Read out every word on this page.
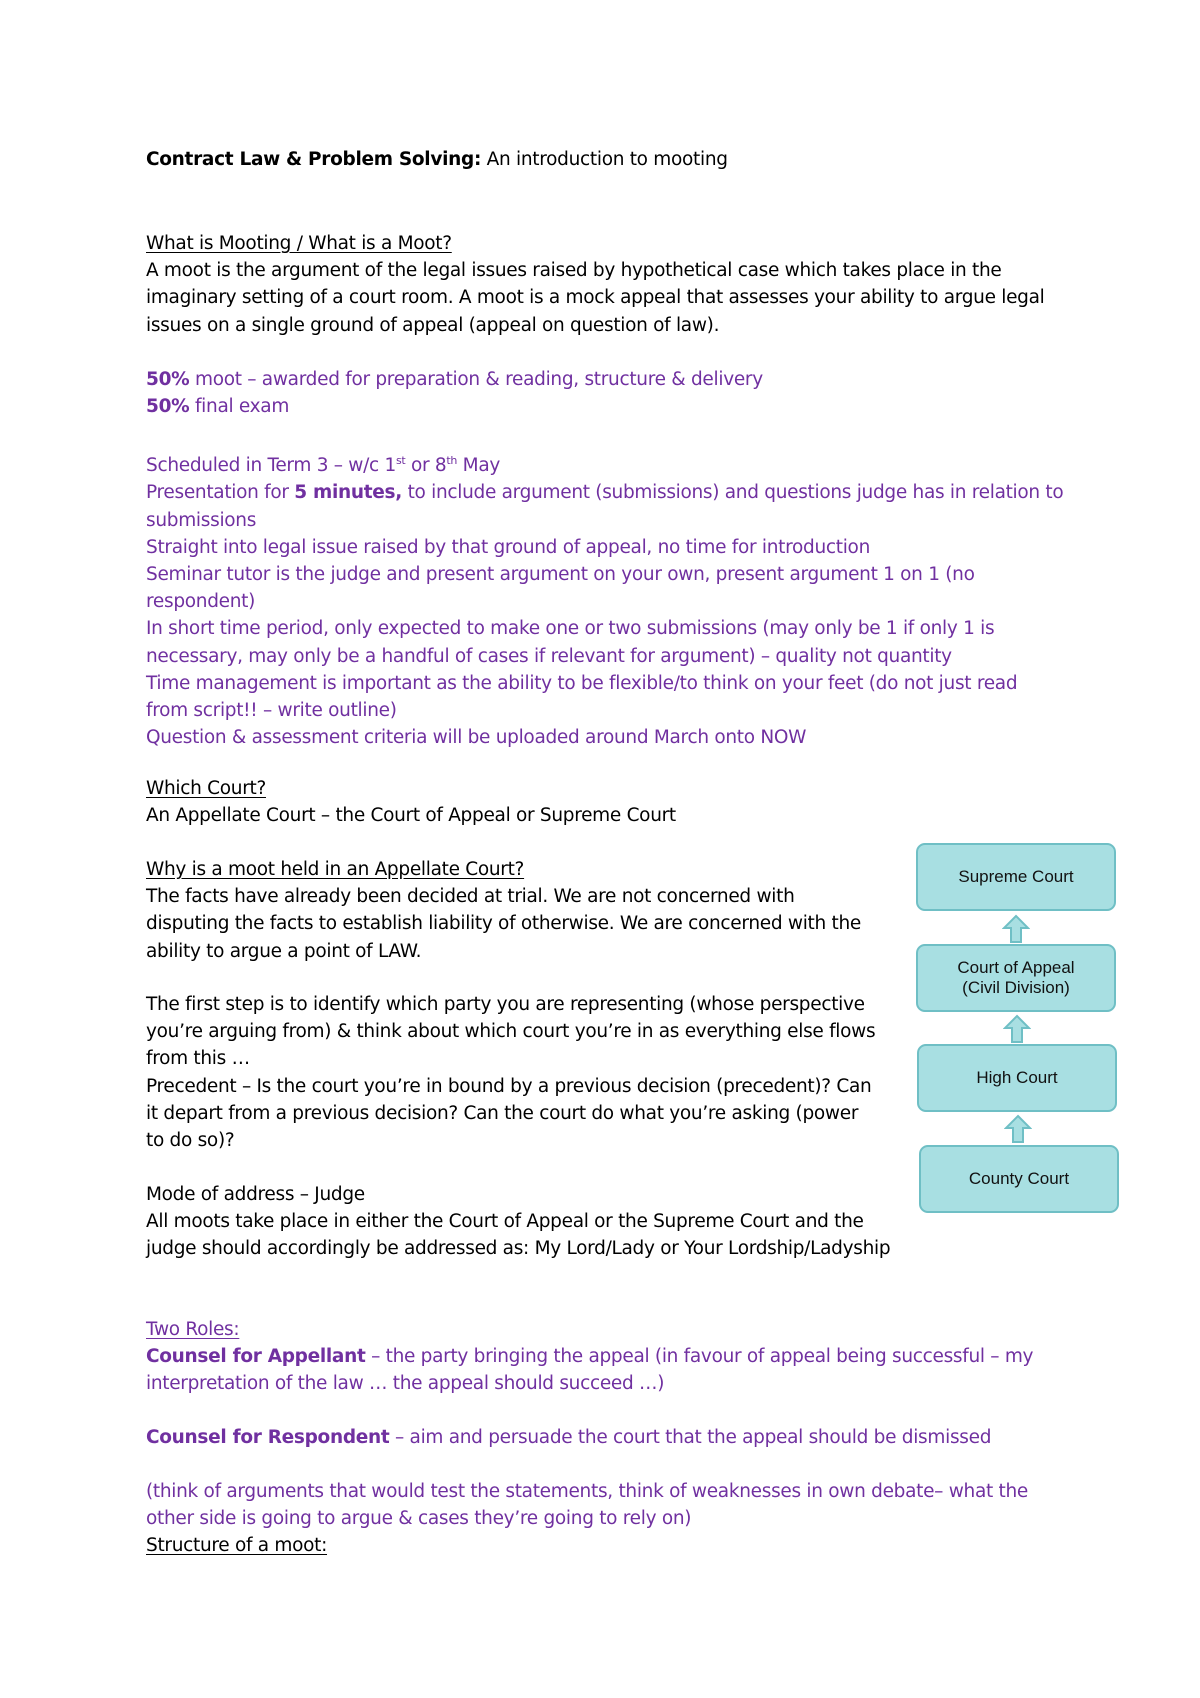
Contract Law & Problem Solving: An introduction to mooting
What is Mooting / What is a Moot?
A moot is the argument of the legal issues raised by hypothetical case which takes place in the
imaginary setting of a court room. A moot is a mock appeal that assesses your ability to argue legal
issues on a single ground of appeal (appeal on question of law).
50% moot – awarded for preparation & reading, structure & delivery
50% final exam
Scheduled in Term 3 – w/c 1st or 8th May
Presentation for 5 minutes, to include argument (submissions) and questions judge has in relation to
submissions
Straight into legal issue raised by that ground of appeal, no time for introduction
Seminar tutor is the judge and present argument on your own, present argument 1 on 1 (no
respondent)
In short time period, only expected to make one or two submissions (may only be 1 if only 1 is
necessary, may only be a handful of cases if relevant for argument) – quality not quantity
Time management is important as the ability to be flexible/to think on your feet (do not just read
from script!! – write outline)
Question & assessment criteria will be uploaded around March onto NOW
Which Court?
An Appellate Court – the Court of Appeal or Supreme Court
Why is a moot held in an Appellate Court?
The facts have already been decided at trial. We are not concerned with
disputing the facts to establish liability of otherwise. We are concerned with the
ability to argue a point of LAW.
The first step is to identify which party you are representing (whose perspective
you’re arguing from) & think about which court you’re in as everything else flows
from this …
Precedent – Is the court you’re in bound by a previous decision (precedent)? Can
it depart from a previous decision? Can the court do what you’re asking (power
to do so)?
Mode of address – Judge
All moots take place in either the Court of Appeal or the Supreme Court and the
judge should accordingly be addressed as: My Lord/Lady or Your Lordship/Ladyship
Two Roles:
Counsel for Appellant – the party bringing the appeal (in favour of appeal being successful – my
interpretation of the law … the appeal should succeed …)
Counsel for Respondent – aim and persuade the court that the appeal should be dismissed
(think of arguments that would test the statements, think of weaknesses in own debate– what the
other side is going to argue & cases they’re going to rely on)
Structure of a moot:
Supreme Court
Court of Appeal
(Civil Division)
High Court
County Court
